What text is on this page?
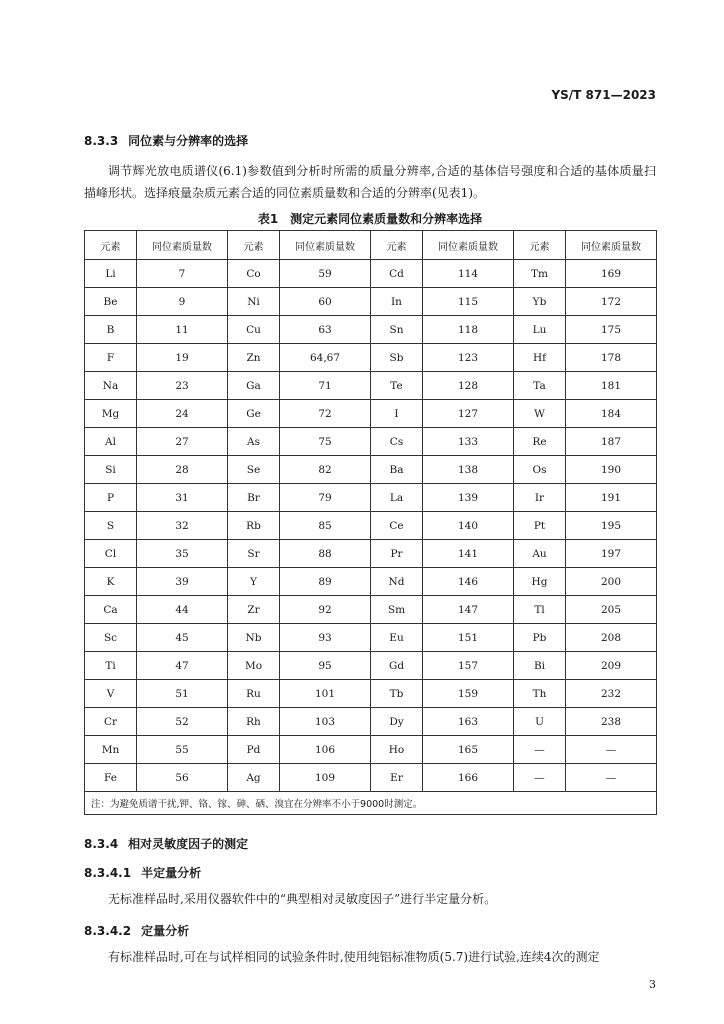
YS/T 871—2023
8.3.3 同位素与分辨率的选择

调节辉光放电质谱仪(6.1)参数值到分析时所需的质量分辨率,合适的基体信号强度和合适的基体质量扫描峰形状。选择痕量杂质元素合适的同位素质量数和合适的分辨率(见表1)。

表1　测定元素同位素质量数和分辨率选择
元素	同位素质量数	元素	同位素质量数	元素	同位素质量数	元素	同位素质量数
Li	7	Co	59	Cd	114	Tm	169
Be	9	Ni	60	In	115	Yb	172
B	11	Cu	63	Sn	118	Lu	175
F	19	Zn	64,67	Sb	123	Hf	178
Na	23	Ga	71	Te	128	Ta	181
Mg	24	Ge	72	I	127	W	184
Al	27	As	75	Cs	133	Re	187
Si	28	Se	82	Ba	138	Os	190
P	31	Br	79	La	139	Ir	191
S	32	Rb	85	Ce	140	Pt	195
Cl	35	Sr	88	Pr	141	Au	197
K	39	Y	89	Nd	146	Hg	200
Ca	44	Zr	92	Sm	147	Tl	205
Sc	45	Nb	93	Eu	151	Pb	208
Ti	47	Mo	95	Gd	157	Bi	209
V	51	Ru	101	Tb	159	Th	232
Cr	52	Rh	103	Dy	163	U	238
Mn	55	Pd	106	Ho	165	—	—
Fe	56	Ag	109	Er	166	—	—
注：为避免质谱干扰,钾、铬、镓、砷、硒、溴宜在分辨率不小于9000时测定。							
8.3.4 相对灵敏度因子的测定
8.3.4.1 半定量分析

无标准样品时,采用仪器软件中的“典型相对灵敏度因子”进行半定量分析。

8.3.4.2 定量分析

有标准样品时,可在与试样相同的试验条件时,使用纯铝标准物质(5.7)进行试验,连续4次的测定

3
